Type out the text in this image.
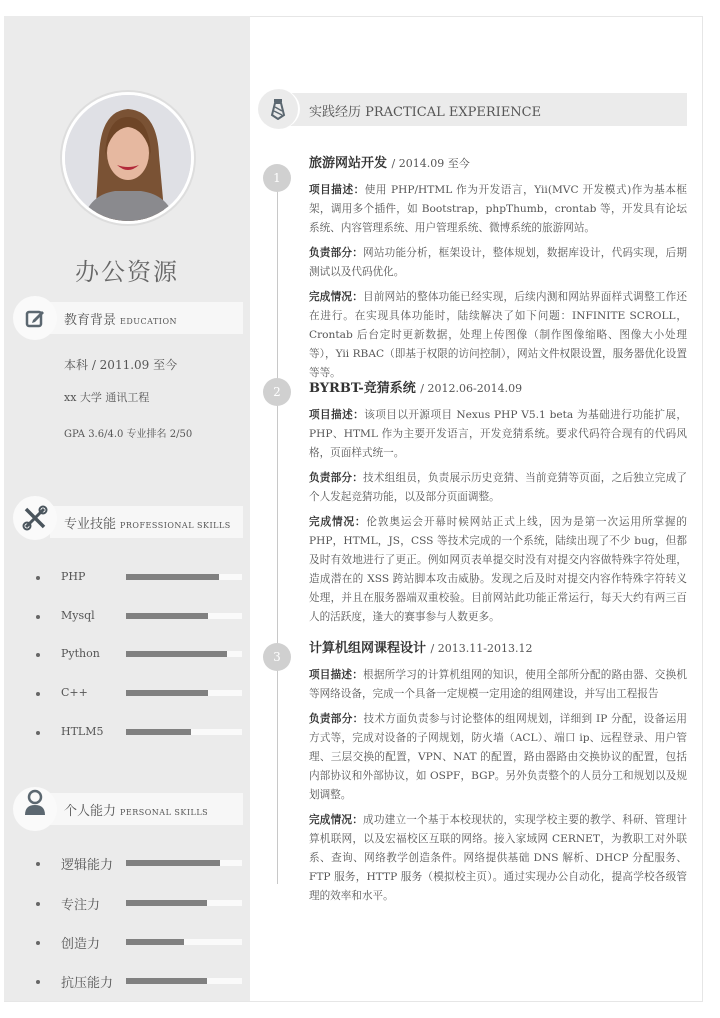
办公资源
教育背景 EDUCATION
本科 / 2011.09 至今
xx 大学 通讯工程
GPA 3.6/4.0 专业排名 2/50
专业技能 PROFESSIONAL SKILLS
PHP
Mysql
Python
C++
HTLM5
个人能力 PERSONAL SKILLS
逻辑能力
专注力
创造力
抗压能力
实践经历 PRACTICAL EXPERIENCE
1
旅游网站开发 / 2014.09 至今

项目描述：使用 PHP/HTML 作为开发语言，Yii(MVC 开发模式)作为基本框架，调用多个插件，如 Bootstrap，phpThumb，crontab 等，开发具有论坛系统、内容管理系统、用户管理系统、微博系统的旅游网站。

负责部分：网站功能分析，框架设计，整体规划，数据库设计，代码实现，后期测试以及代码优化。

完成情况：目前网站的整体功能已经实现，后续内测和网站界面样式调整工作还在进行。在实现具体功能时，陆续解决了如下问题：INFINITE SCROLL，Crontab 后台定时更新数据，处理上传图像（制作图像缩略、图像大小处理等），Yii RBAC（即基于权限的访问控制），网站文件权限设置，服务器优化设置等等。

2	BYRBT-竞猜系统 / 2012.06-2014.09

项目描述：该项目以开源项目 Nexus PHP V5.1 beta 为基础进行功能扩展，PHP、HTML 作为主要开发语言，开发竞猜系统。要求代码符合现有的代码风格，页面样式统一。

负责部分：技术组组员，负责展示历史竞猜、当前竞猜等页面，之后独立完成了个人发起竞猜功能，以及部分页面调整。

完成情况：伦敦奥运会开幕时候网站正式上线，因为是第一次运用所掌握的 PHP，HTML，JS，CSS 等技术完成的一个系统，陆续出现了不少 bug，但都及时有效地进行了更正。例如网页表单提交时没有对提交内容做特殊字符处理，造成潜在的 XSS 跨站脚本攻击威胁。发现之后及时对提交内容作特殊字符转义处理，并且在服务器端双重校验。目前网站此功能正常运行，每天大约有两三百人的活跃度，逢大的赛事参与人数更多。

3
计算机组网课程设计 / 2013.11-2013.12

项目描述：根据所学习的计算机组网的知识，使用全部所分配的路由器、交换机等网络设备，完成一个具备一定规模一定用途的组网建设，并写出工程报告

负责部分：技术方面负责参与讨论整体的组网规划，详细到 IP 分配，设备运用方式等，完成对设备的子网规划，防火墙（ACL）、端口 ip、远程登录、用户管理、三层交换的配置，VPN、NAT 的配置，路由器路由交换协议的配置，包括内部协议和外部协议，如 OSPF，BGP。另外负责整个的人员分工和规划以及规划调整。

完成情况：成功建立一个基于本校现状的，实现学校主要的教学、科研、管理计算机联网，以及宏福校区互联的网络。接入家域网 CERNET，为教职工对外联系、查询、网络教学创造条件。网络提供基础 DNS 解析、DHCP 分配服务、FTP 服务，HTTP 服务（模拟校主页）。通过实现办公自动化，提高学校各级管理的效率和水平。
